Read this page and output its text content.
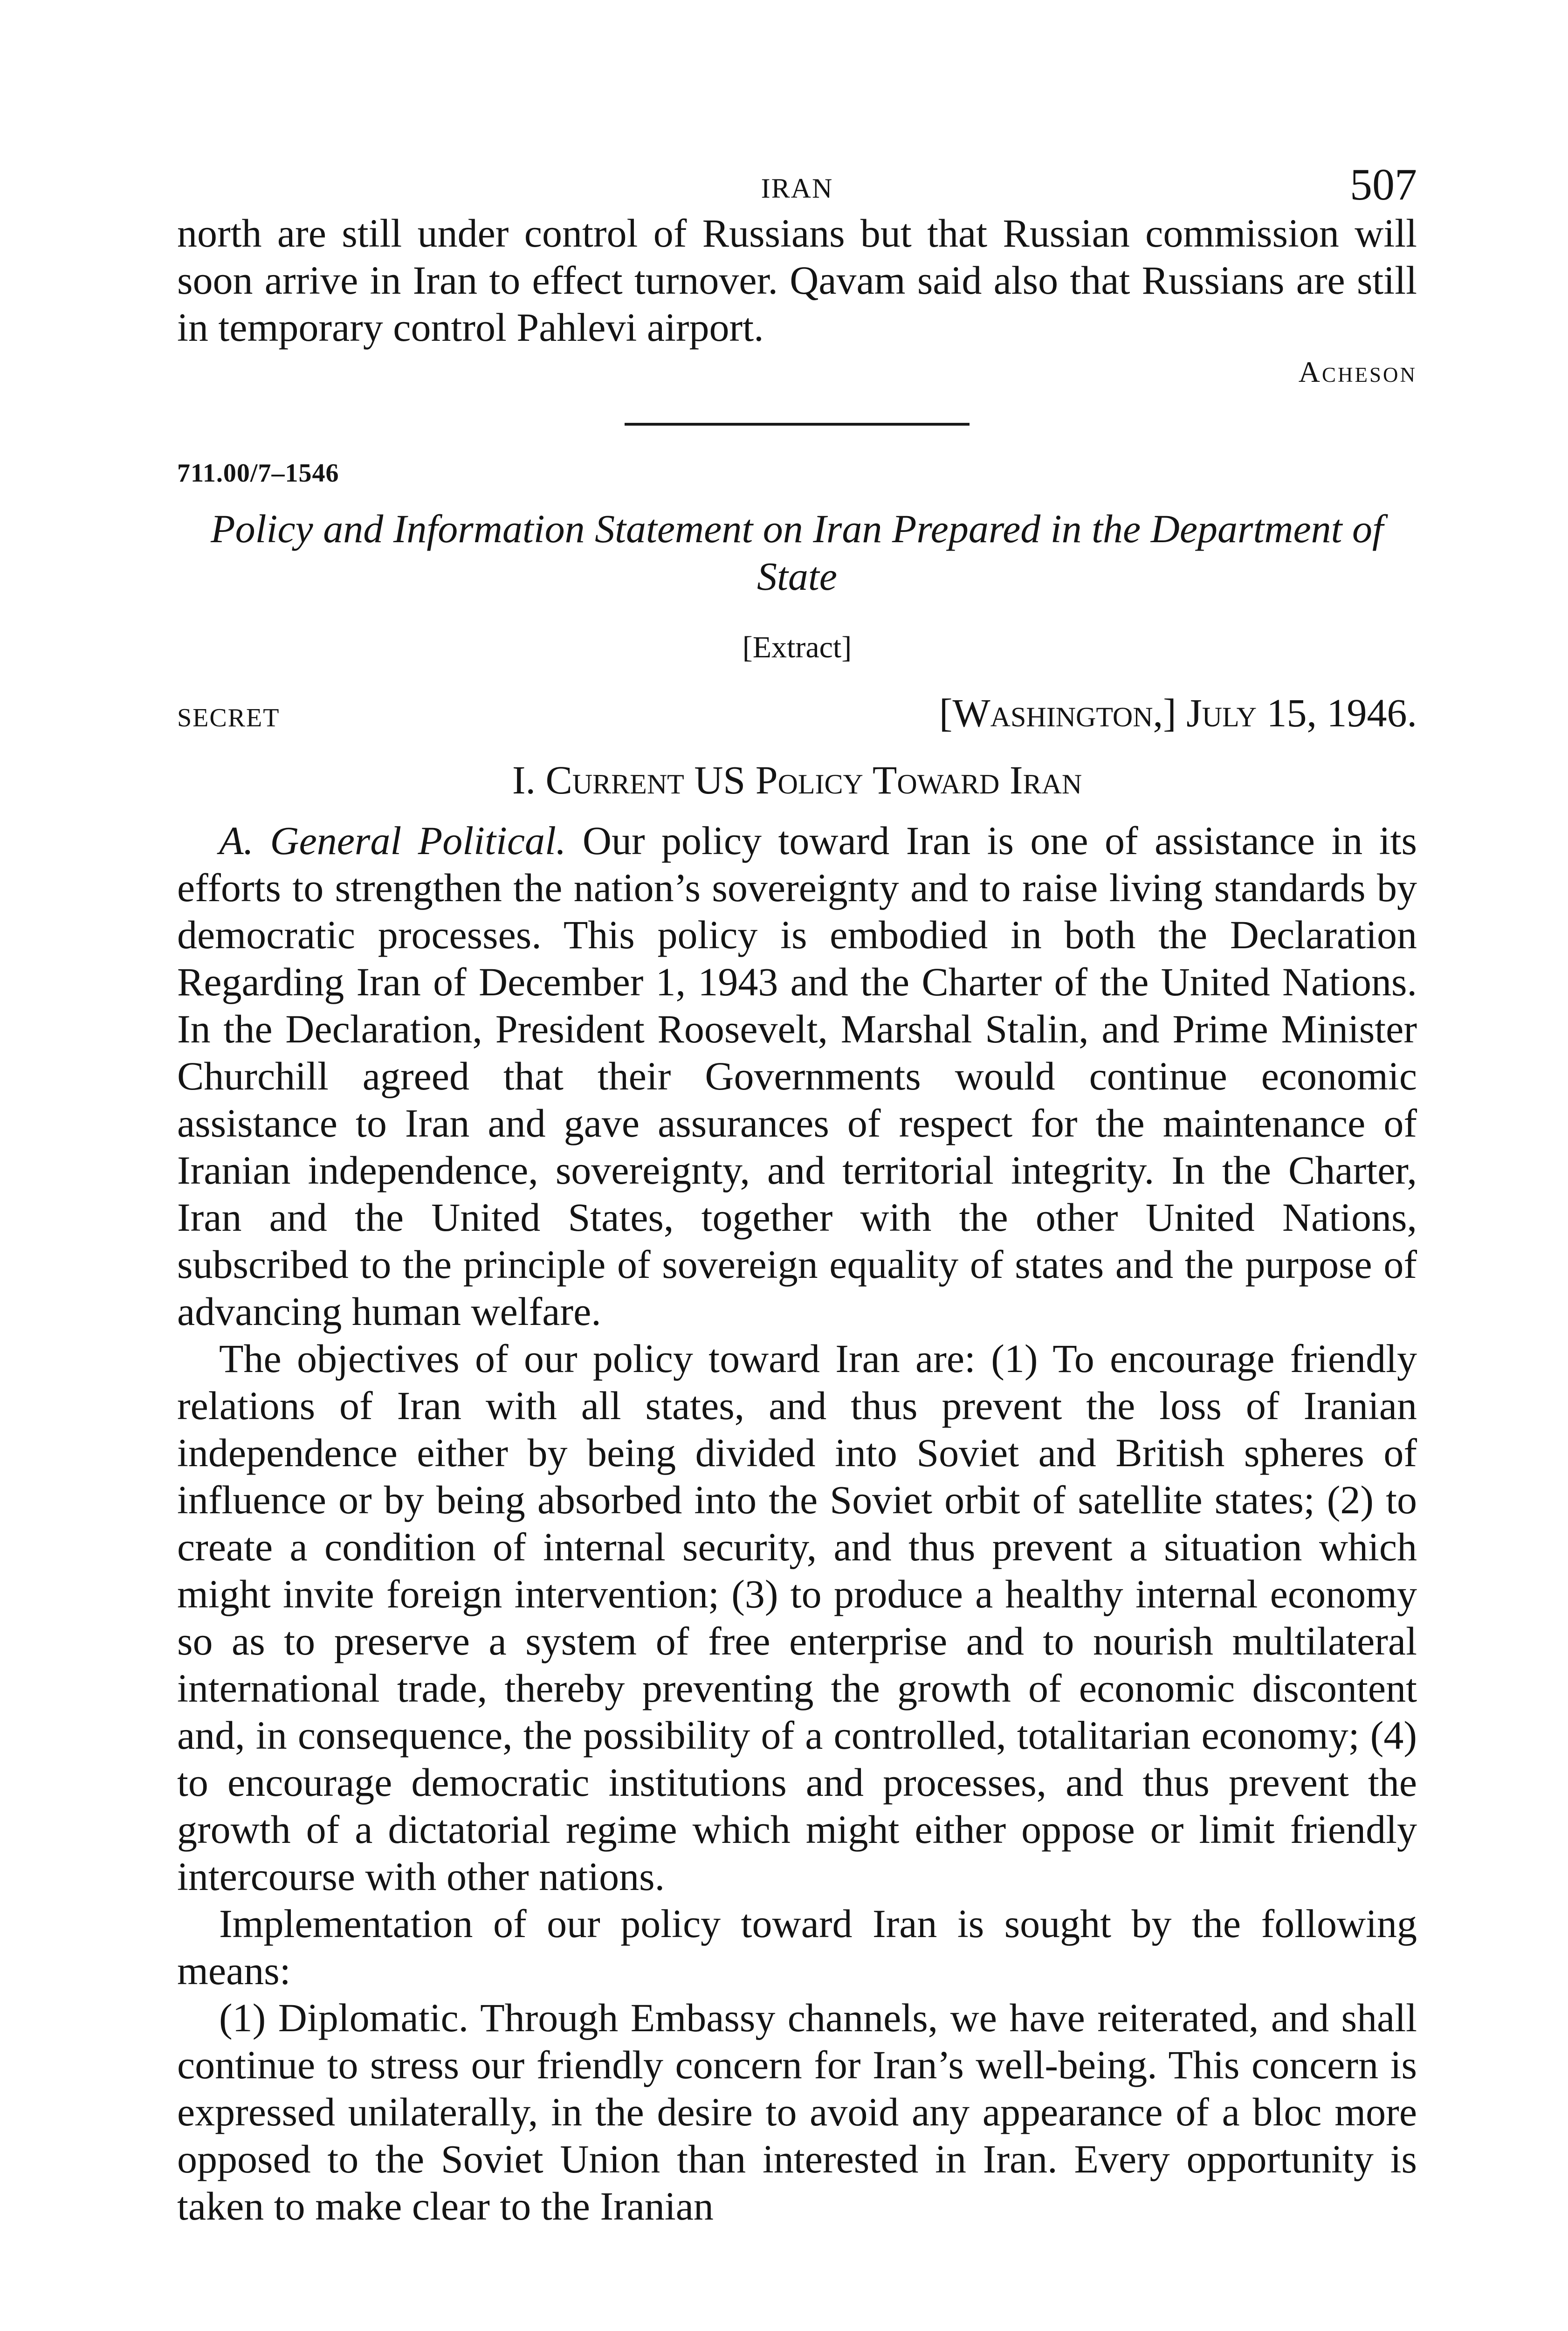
IRAN	507

north are still under control of Russians but that Russian commission will soon arrive in Iran to effect turnover. Qavam said also that Russians are still in temporary control Pahlevi airport.

Acheson
711.00/7–1546
Policy and Information Statement on Iran Prepared in the Department of State
[Extract]
SECRET	[Washington,] July 15, 1946.
I. Current US Policy Toward Iran

A. General Political. Our policy toward Iran is one of assistance in its efforts to strengthen the nation’s sovereignty and to raise living standards by democratic processes. This policy is embodied in both the Declaration Regarding Iran of December 1, 1943 and the Charter of the United Nations. In the Declaration, President Roosevelt, Marshal Stalin, and Prime Minister Churchill agreed that their Governments would continue economic assistance to Iran and gave assurances of respect for the maintenance of Iranian independence, sovereignty, and territorial integrity. In the Charter, Iran and the United States, together with the other United Nations, subscribed to the principle of sovereign equality of states and the purpose of advancing human welfare.

The objectives of our policy toward Iran are: (1) To encourage friendly relations of Iran with all states, and thus prevent the loss of Iranian independence either by being divided into Soviet and British spheres of influence or by being absorbed into the Soviet orbit of satellite states; (2) to create a condition of internal security, and thus prevent a situation which might invite foreign intervention; (3) to produce a healthy internal economy so as to preserve a system of free enterprise and to nourish multilateral international trade, thereby preventing the growth of economic discontent and, in consequence, the possibility of a controlled, totalitarian economy; (4) to encourage democratic institutions and processes, and thus prevent the growth of a dictatorial regime which might either oppose or limit friendly intercourse with other nations.

Implementation of our policy toward Iran is sought by the following means:

(1) Diplomatic. Through Embassy channels, we have reiterated, and shall continue to stress our friendly concern for Iran’s well-being. This concern is expressed unilaterally, in the desire to avoid any appearance of a bloc more opposed to the Soviet Union than interested in Iran. Every opportunity is taken to make clear to the Iranian
